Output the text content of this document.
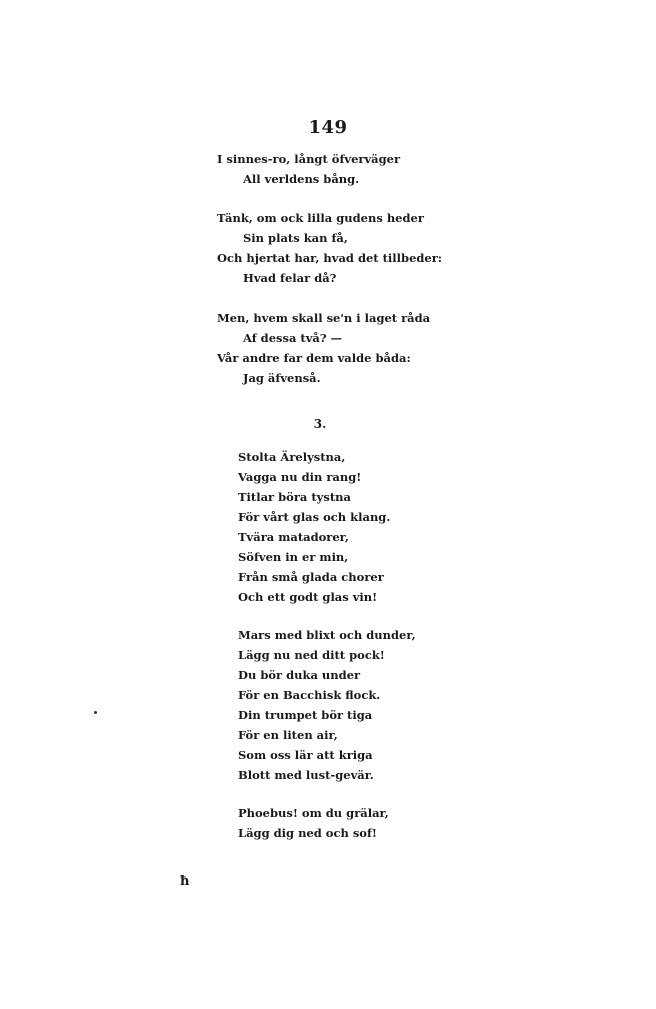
149
I sinnes-ro, långt öfverväger
All verldens bång.
Tänk, om ock lilla gudens heder
Sin plats kan få,
Och hjertat har, hvad det tillbeder:
Hvad felar då?
Men, hvem skall se'n i laget råda
Af dessa två? —
Vår andre far dem valde båda:
Jag äfvenså.
3.
Stolta Ärelystna,
Vagga nu din rang!
Titlar böra tystna
För vårt glas och klang.
Tvära matadorer,
Söfven in er min,
Från små glada chorer
Och ett godt glas vin!
Mars med blixt och dunder,
Lägg nu ned ditt pock!
Du bör duka under
För en Bacchisk flock.
Din trumpet bör tiga
För en liten air,
Som oss lär att kriga
Blott med lust-gevär.
Phoebus! om du grälar,
Lägg dig ned och sof!
ħ
